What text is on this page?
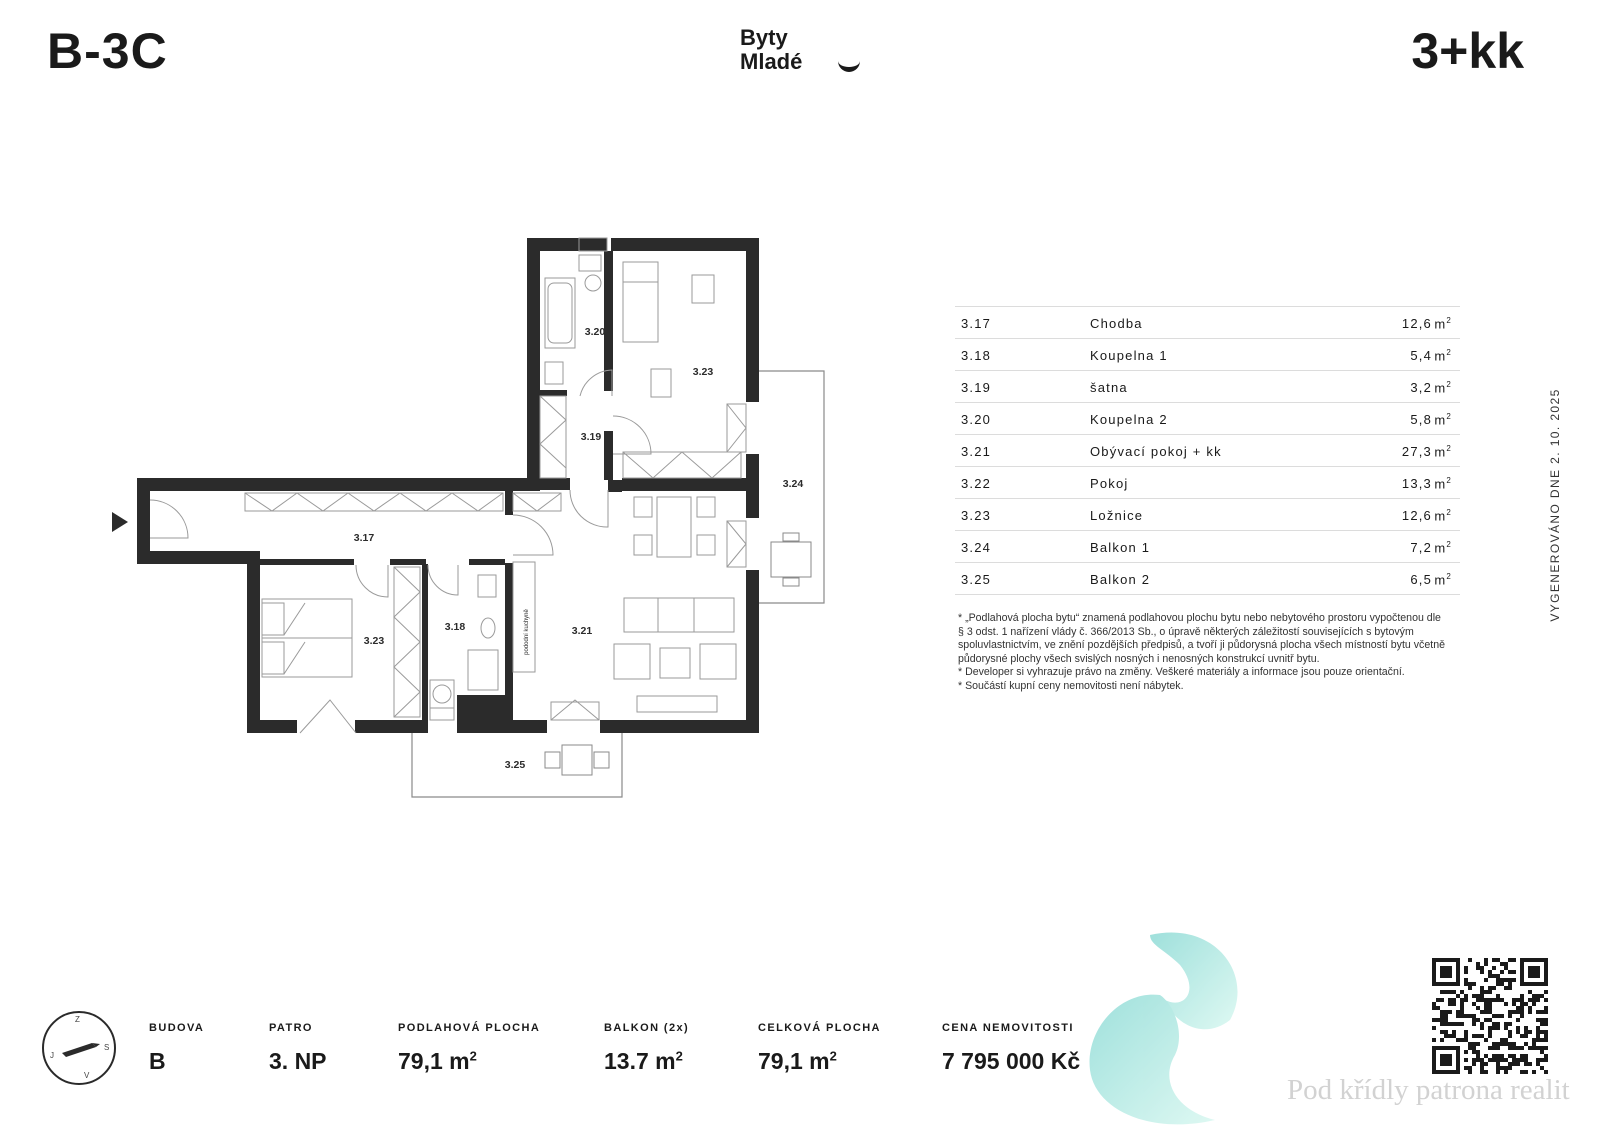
B-3C	Byty
Mladé	3+kk
3.20
3.23
3.19
3.24
3.17
3.23
3.18	3.21
3.25
pododní kuchyně
3.17	Chodba	12,6 $m^2$
3.18	Koupelna 1	5,4 $m^2$
3.19	šatna	3,2 $m^2$
3.20	Koupelna 2	5,8 $m^2$
3.21	Obývací pokoj + kk	27,3 $m^2$
3.22	Pokoj	13,3 $m^2$
3.23	Ložnice	12,6 $m^2$
3.24	Balkon 1	7,2 $m^2$
3.25	Balkon 2	6,5 $m^2$

* „Podlahová plocha bytu“ znamená podlahovou plochu bytu nebo nebytového prostoru vypočtenou dle § 3 odst. 1 nařízení vlády č. 366/2013 Sb., o úpravě některých záležitostí souvisejících s bytovým spoluvlastnictvím, ve znění pozdějších předpisů, a tvoří ji půdorysná plocha všech místností bytu včetně půdorysné plochy všech svislých nosných i nenosných konstrukcí uvnitř bytu.

* Developer si vyhrazuje právo na změny. Veškeré materiály a informace jsou pouze orientační.

* Součástí kupní ceny nemovitosti není nábytek.

VYGENEROVÁNO DNE 2. 10. 2025
Z
S
V
J
BUDOVA
B
PATRO
3. NP
PODLAHOVÁ PLOCHA
79,1 $m^2$
BALKON (2x)
13.7 $m^2$
CELKOVÁ PLOCHA
79,1 $m^2$
CENA NEMOVITOSTI
7 795 000 Kč
Pod křídly patrona realit
